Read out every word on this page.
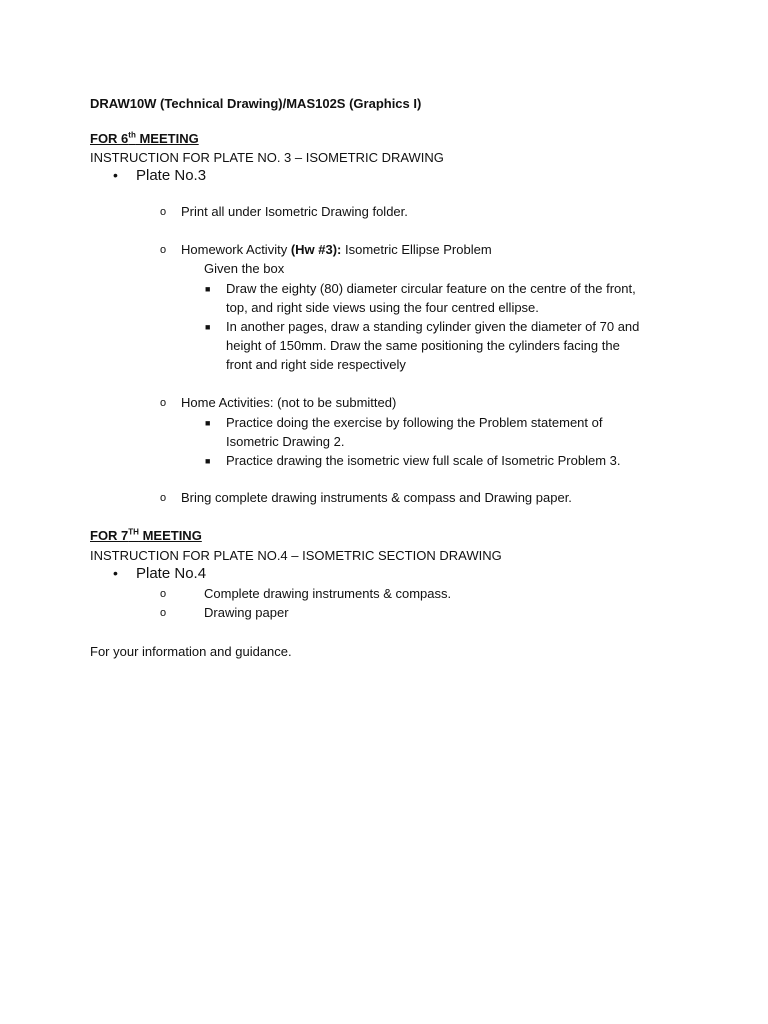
DRAW10W (Technical Drawing)/MAS102S (Graphics I)
FOR 6th MEETING
INSTRUCTION FOR PLATE NO. 3 – ISOMETRIC DRAWING
• Plate No.3
o Print all under Isometric Drawing folder.
o Homework Activity (Hw #3): Isometric Ellipse Problem
Given the box
■ Draw the eighty (80) diameter circular feature on the centre of the front,
top, and right side views using the four centred ellipse.
■ In another pages, draw a standing cylinder given the diameter of 70 and
height of 150mm. Draw the same positioning the cylinders facing the
front and right side respectively
o Home Activities: (not to be submitted)
■ Practice doing the exercise by following the Problem statement of
Isometric Drawing 2.
■ Practice drawing the isometric view full scale of Isometric Problem 3.
o Bring complete drawing instruments & compass and Drawing paper.
FOR 7TH MEETING
INSTRUCTION FOR PLATE NO.4 – ISOMETRIC SECTION DRAWING
• Plate No.4
o	Complete drawing instruments & compass.
o	Drawing paper
For your information and guidance.
